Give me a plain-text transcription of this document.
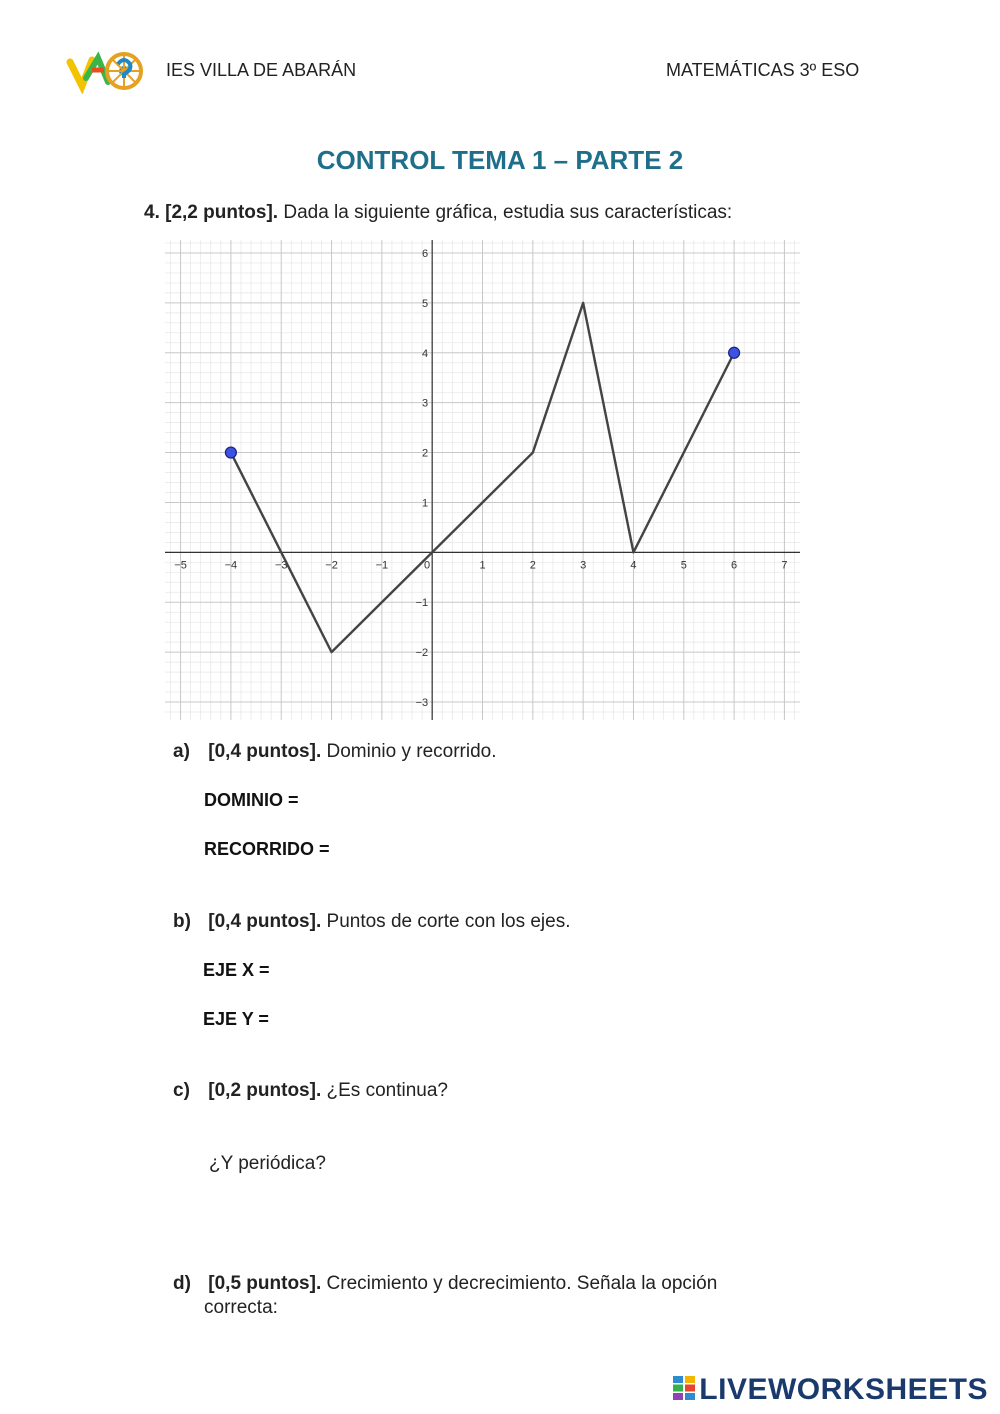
IES VILLA DE ABARÁN	MATEMÁTICAS 3º ESO
CONTROL TEMA 1 – PARTE 2
4. [2,2 puntos]. Dada la siguiente gráfica, estudia sus características:
−5	−4	−3	−2	−1	0	1	2	3	4	5	6	7
−3
−2
−1
1
2
3
4
5
6
a) [0,4 puntos]. Dominio y recorrido.
DOMINIO =
RECORRIDO =
b) [0,4 puntos]. Puntos de corte con los ejes.
EJE X =
EJE Y =
c) [0,2 puntos]. ¿Es continua?
¿Y periódica?
d) [0,5 puntos]. Crecimiento y decrecimiento. Señala la opción
correcta:
LIVEWORKSHEETS
